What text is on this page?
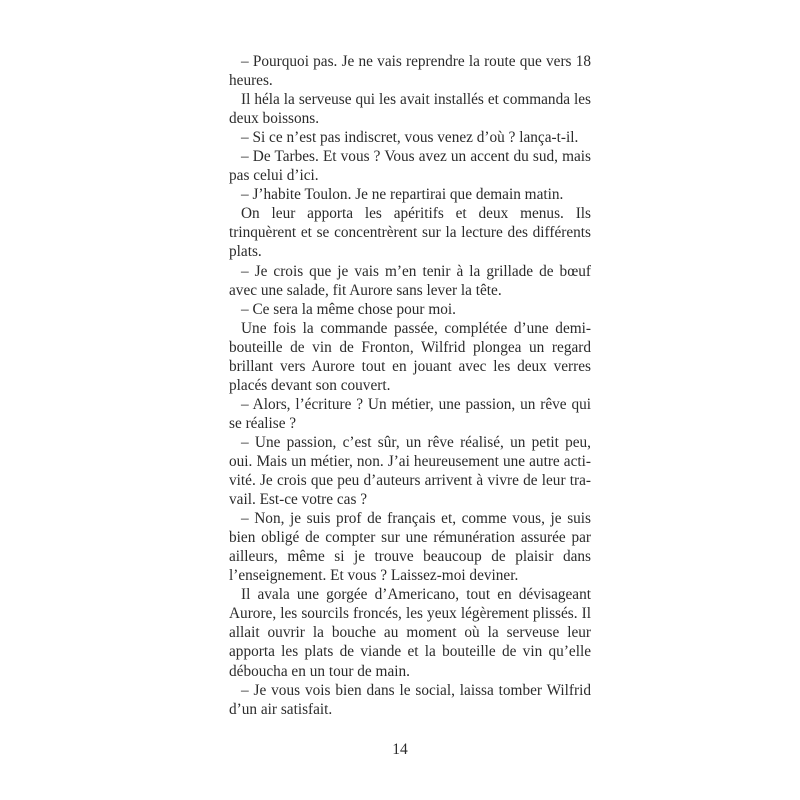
– Pourquoi pas. Je ne vais reprendre la route que vers 18 heures.

Il héla la serveuse qui les avait installés et commanda les deux boissons.

– Si ce n’est pas indiscret, vous venez d’où ? lança-t-il.

– De Tarbes. Et vous ? Vous avez un accent du sud, mais pas celui d’ici.

– J’habite Toulon. Je ne repartirai que demain matin.

On leur apporta les apéritifs et deux menus. Ils trinquèrent et se concentrèrent sur la lecture des différents plats.

– Je crois que je vais m’en tenir à la grillade de bœuf avec une salade, fit Aurore sans lever la tête.

– Ce sera la même chose pour moi.

Une fois la commande passée, complétée d’une demi-bouteille de vin de Fronton, Wilfrid plongea un regard brillant vers Aurore tout en jouant avec les deux verres placés devant son couvert.

– Alors, l’écriture ? Un métier, une passion, un rêve qui se réalise ?

– Une passion, c’est sûr, un rêve réalisé, un petit peu, oui. Mais un métier, non. J’ai heureusement une autre activité. Je crois que peu d’auteurs arrivent à vivre de leur travail. Est-ce votre cas ?

– Non, je suis prof de français et, comme vous, je suis bien obligé de compter sur une rémunération assurée par ailleurs, même si je trouve beaucoup de plaisir dans l’enseignement. Et vous ? Laissez-moi deviner.

Il avala une gorgée d’Americano, tout en dévisageant Aurore, les sourcils froncés, les yeux légèrement plissés. Il allait ouvrir la bouche au moment où la serveuse leur apporta les plats de viande et la bouteille de vin qu’elle déboucha en un tour de main.

– Je vous vois bien dans le social, laissa tomber Wilfrid d’un air satisfait.

14
